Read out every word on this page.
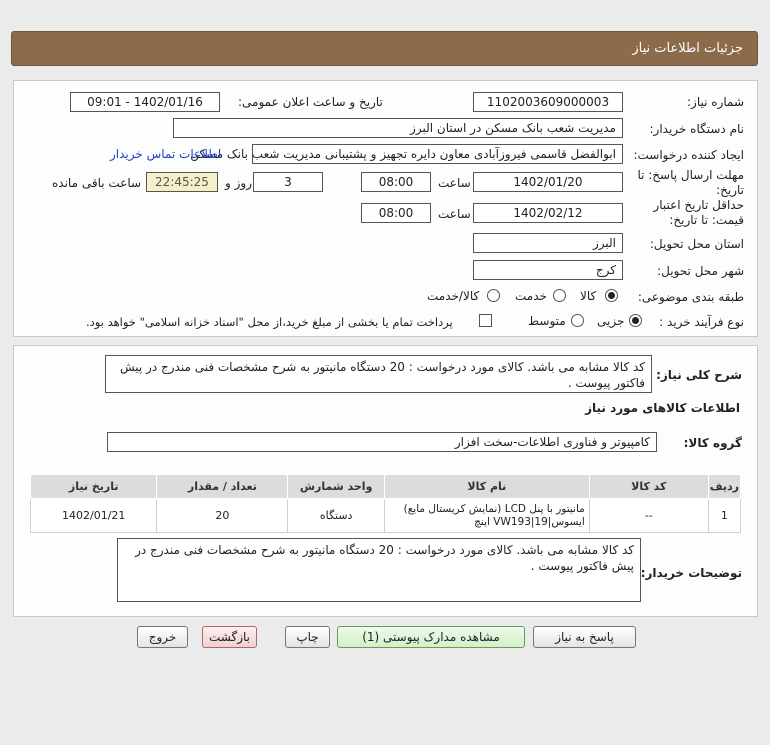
جزئیات اطلاعات نیاز
شماره نیاز:
1102003609000003
تاریخ و ساعت اعلان عمومی:
1402/01/16 - 09:01
نام دستگاه خریدار:
مدیریت شعب بانک مسکن در استان البرز
ایجاد کننده درخواست:
ابوالفضل قاسمی فیروزآبادی معاون دایره تجهیز و پشتیبانی مدیریت شعب بانک مسکن
اطلاعات تماس خریدار
مهلت ارسال پاسخ: تا
تاریخ:
1402/01/20
ساعت
08:00
3
روز و
22:45:25
ساعت باقی مانده
حداقل تاریخ اعتبار
قیمت: تا تاریخ:
1402/02/12
ساعت
08:00
استان محل تحویل:
البرز
شهر محل تحویل:
کرج
طبقه بندی موضوعی:
کالا
خدمت
کالا/خدمت
نوع فرآیند خرید :
جزیی
متوسط
پرداخت تمام یا بخشی از مبلغ خرید،از محل "اسناد خزانه اسلامی" خواهد بود.
شرح کلی نیاز:
کد کالا مشابه می باشد. کالای مورد درخواست : 20 دستگاه مانیتور به شرح مشخصات فنی مندرج در پیش فاکتور پیوست .
اطلاعات کالاهای مورد نیاز
گروه کالا:
کامپیوتر و فناوری اطلاعات-سخت افزار
ردیف	کد کالا	نام کالا	واحد شمارش	تعداد / مقدار	تاریخ نیاز
1	--	مانیتور با پنل LCD (نمایش کریستال مایع) ایسوس|VW193|19 اینچ	دستگاه	20	1402/01/21
توضیحات خریدار:
کد کالا مشابه می باشد. کالای مورد درخواست : 20 دستگاه مانیتور به شرح مشخصات فنی مندرج در پیش فاکتور پیوست .
پاسخ به نیاز
مشاهده مدارک پیوستی (1)
چاپ
بازگشت
خروج
